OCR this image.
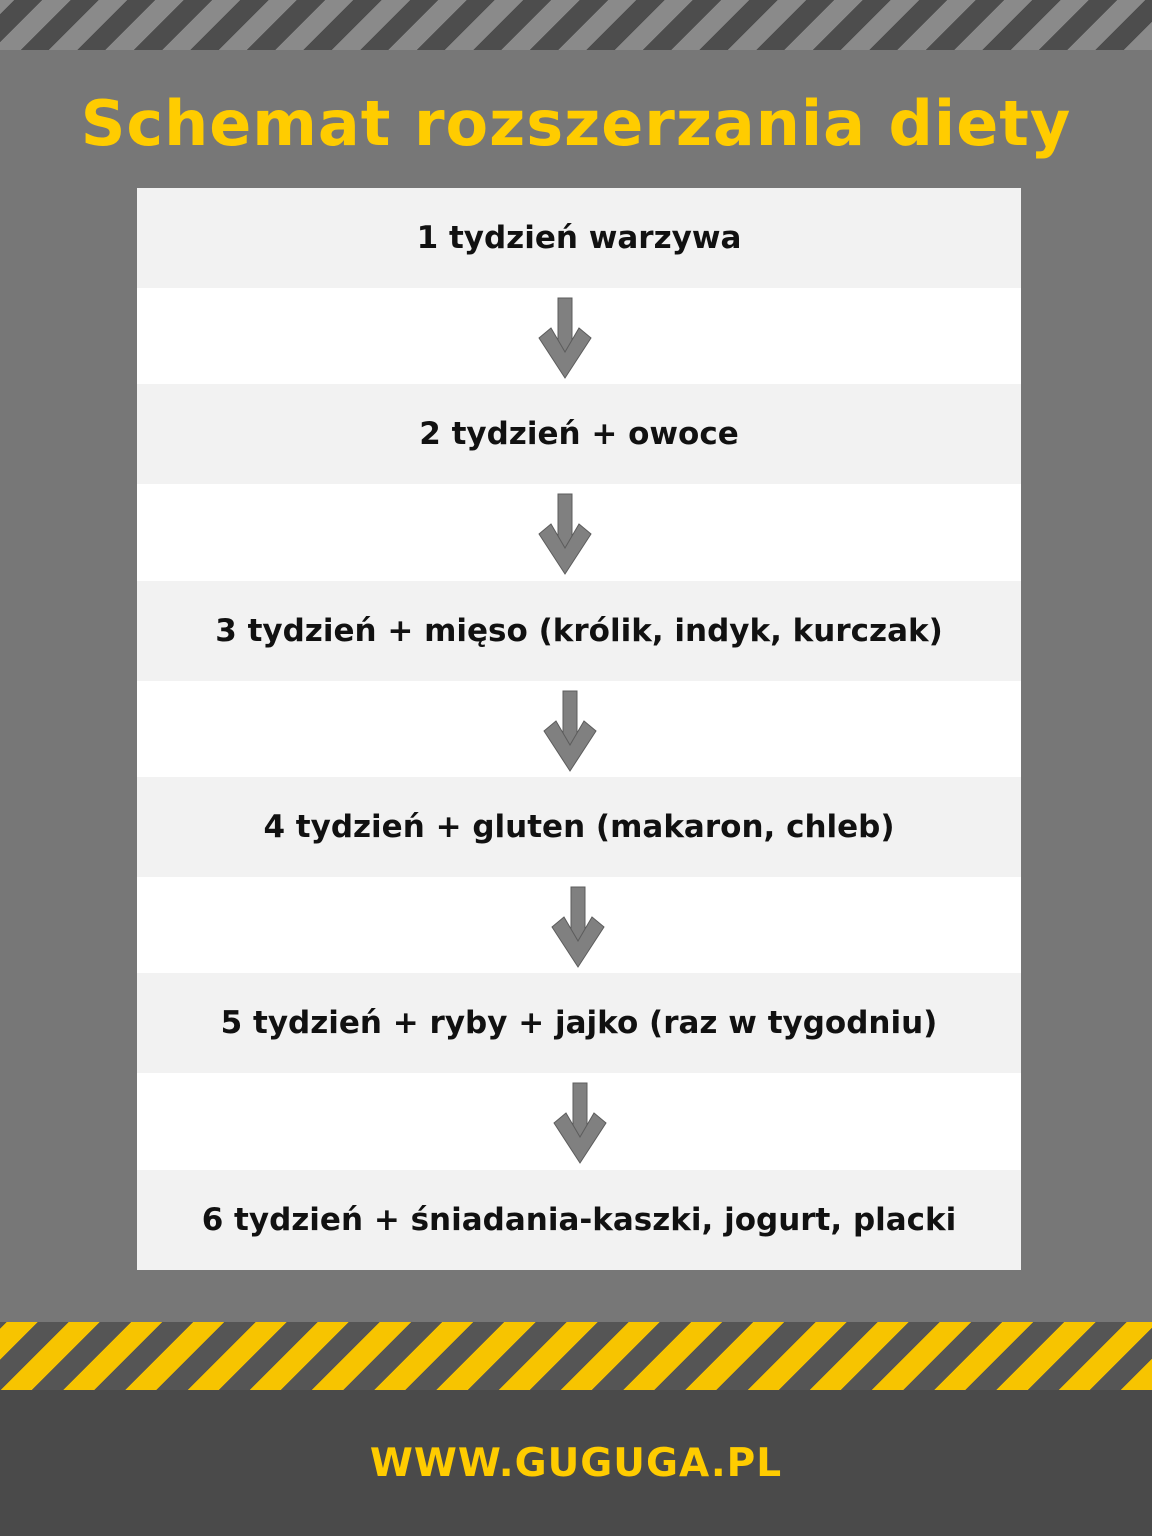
Schemat rozszerzania diety
1 tydzień warzywa
2 tydzień + owoce
3 tydzień + mięso (królik, indyk, kurczak)
4 tydzień + gluten (makaron, chleb)
5 tydzień + ryby + jajko (raz w tygodniu)
6 tydzień + śniadania-kaszki, jogurt, placki
WWW.GUGUGA.PL
